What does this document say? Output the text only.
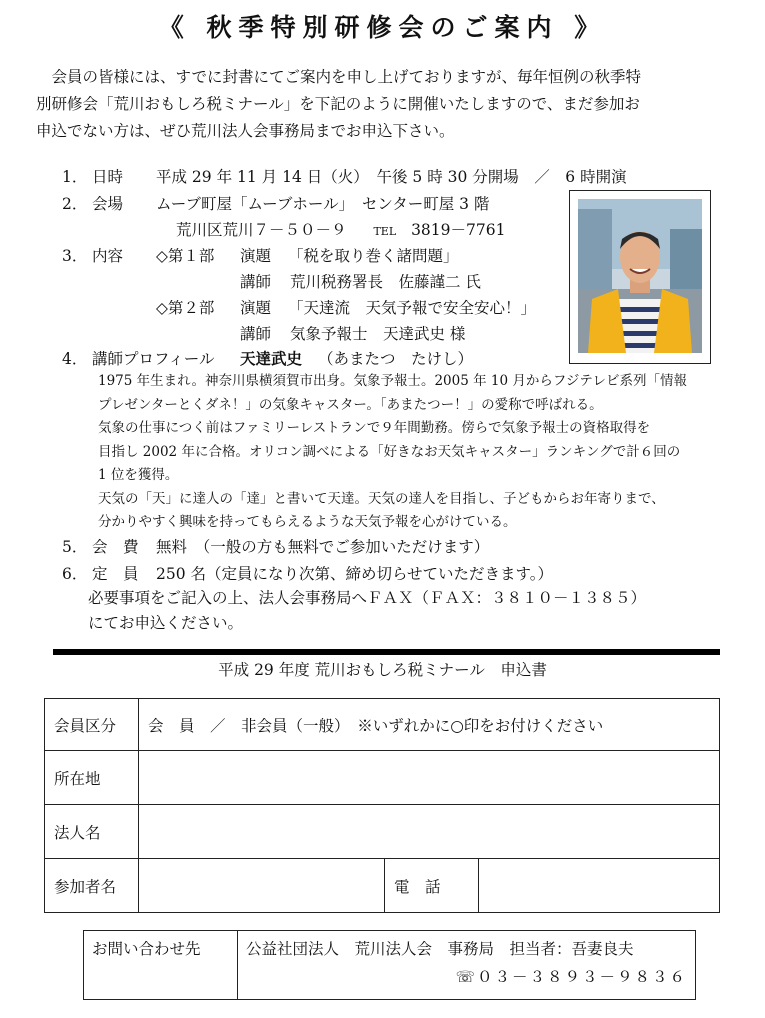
《 秋季特別研修会のご案内 》

会員の皆様には、すでに封書にてご案内を申し上げておりますが、毎年恒例の秋季特

別研修会「荒川おもしろ税ミナール」を下記のように開催いたしますので、まだ参加お

申込でない方は、ぜひ荒川法人会事務局までお申込下さい。

1． 日時 平成 29 年 11 月 14 日（火）　午後 5 時 30 分開場　／　6 時開演
2． 会場 ムーブ町屋「ムーブホール」　センター町屋 3 階
荒川区荒川７－５０－９ TEL 3819－7761
3． 内容 ◇第１部 演題 「税を取り巻く諸問題」
講師 荒川税務署長　佐藤謹二 氏
◇第２部 演題 「天達流　天気予報で安全安心！」
講師 気象予報士　天達武史 様
4． 講師プロフィール 天達武史 （あまたつ　たけし）
1975 年生まれ。神奈川県横須賀市出身。気象予報士。2005 年 10 月からフジテレビ系列「情報
プレゼンターとくダネ！」の気象キャスター。「あまたつー！」の愛称で呼ばれる。
気象の仕事につく前はファミリーレストランで９年間勤務。傍らで気象予報士の資格取得を
目指し 2002 年に合格。オリコン調べによる「好きなお天気キャスター」ランキングで計６回の
1 位を獲得。
天気の「天」に達人の「達」と書いて天達。天気の達人を目指し、子どもからお年寄りまで、
分かりやすく興味を持ってもらえるような天気予報を心がけている。
5． 会　費 無料　（一般の方も無料でご参加いただけます）
6． 定　員 250 名（定員になり次第、締め切らせていただきます。）
必要事項をご記入の上、法人会事務局へＦＡＸ（ＦＡＸ：３８１０－１３８５）
にてお申込ください。
平成 29 年度 荒川おもしろ税ミナール　申込書
会員区分	会　員　／　非会員（一般）　※いずれかに○印をお付けください		
所在地			
法人名			
参加者名		電　話	
お問い合わせ先	公益社団法人　荒川法人会　事務局　担当者：吾妻良夫
☏０３－３８９３－９８３６
